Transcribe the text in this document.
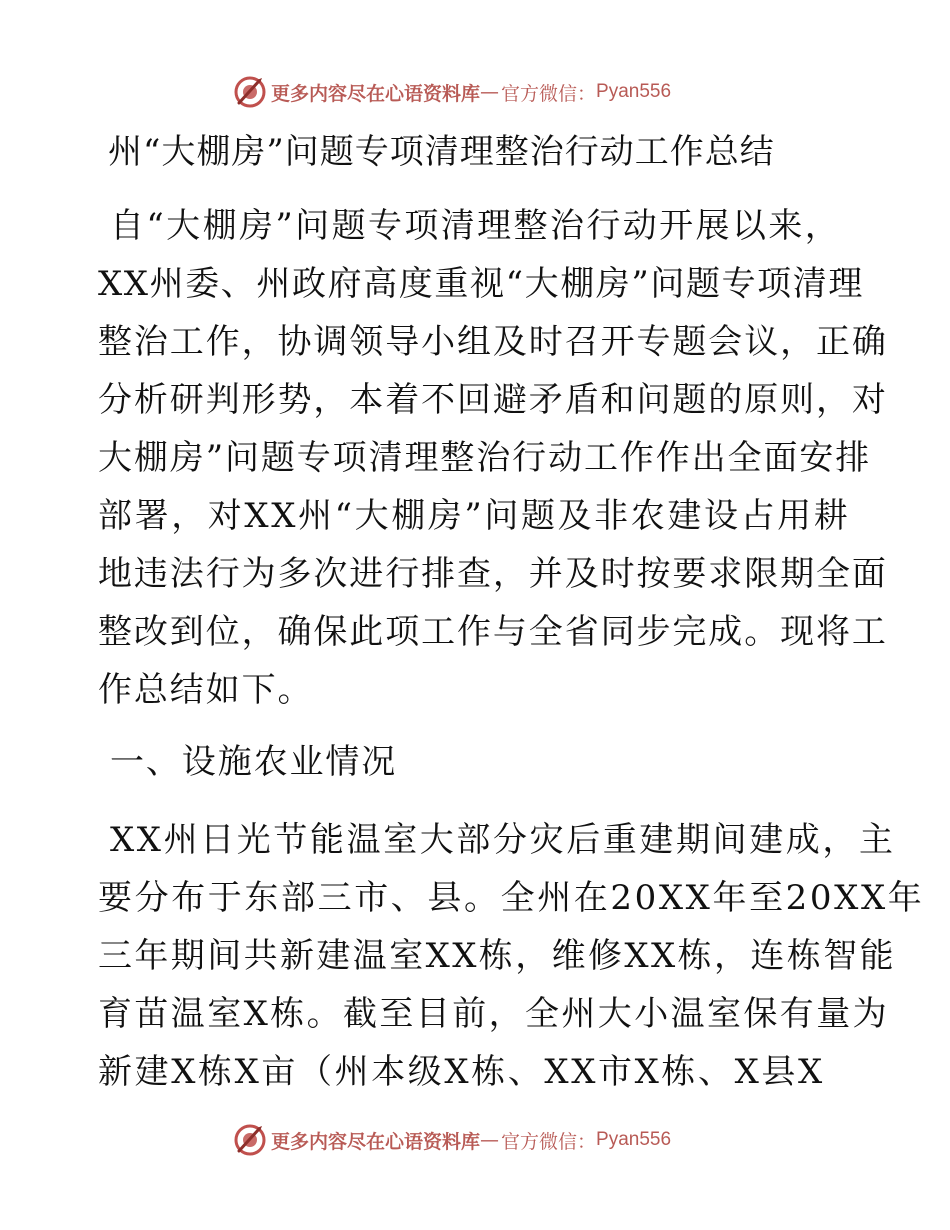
更多内容尽在心语资料库 — 官方微信： Pyan556
州“大棚房”问题专项清理整治行动工作总结
自“大棚房”问题专项清理整治行动开展以来，
XX州委、州政府高度重视“大棚房”问题专项清理
整治工作，协调领导小组及时召开专题会议，正确
分析研判形势，本着不回避矛盾和问题的原则，对
大棚房”问题专项清理整治行动工作作出全面安排
部署，对XX州“大棚房”问题及非农建设占用耕
地违法行为多次进行排查，并及时按要求限期全面
整改到位，确保此项工作与全省同步完成。现将工
作总结如下。
一、设施农业情况
XX州日光节能温室大部分灾后重建期间建成，主
要分布于东部三市、县。全州在20XX年至20XX年
三年期间共新建温室XX栋，维修XX栋，连栋智能
育苗温室X栋。截至目前，全州大小温室保有量为
新建X栋X亩（州本级X栋、XX市X栋、X县X
更多内容尽在心语资料库 — 官方微信： Pyan556
